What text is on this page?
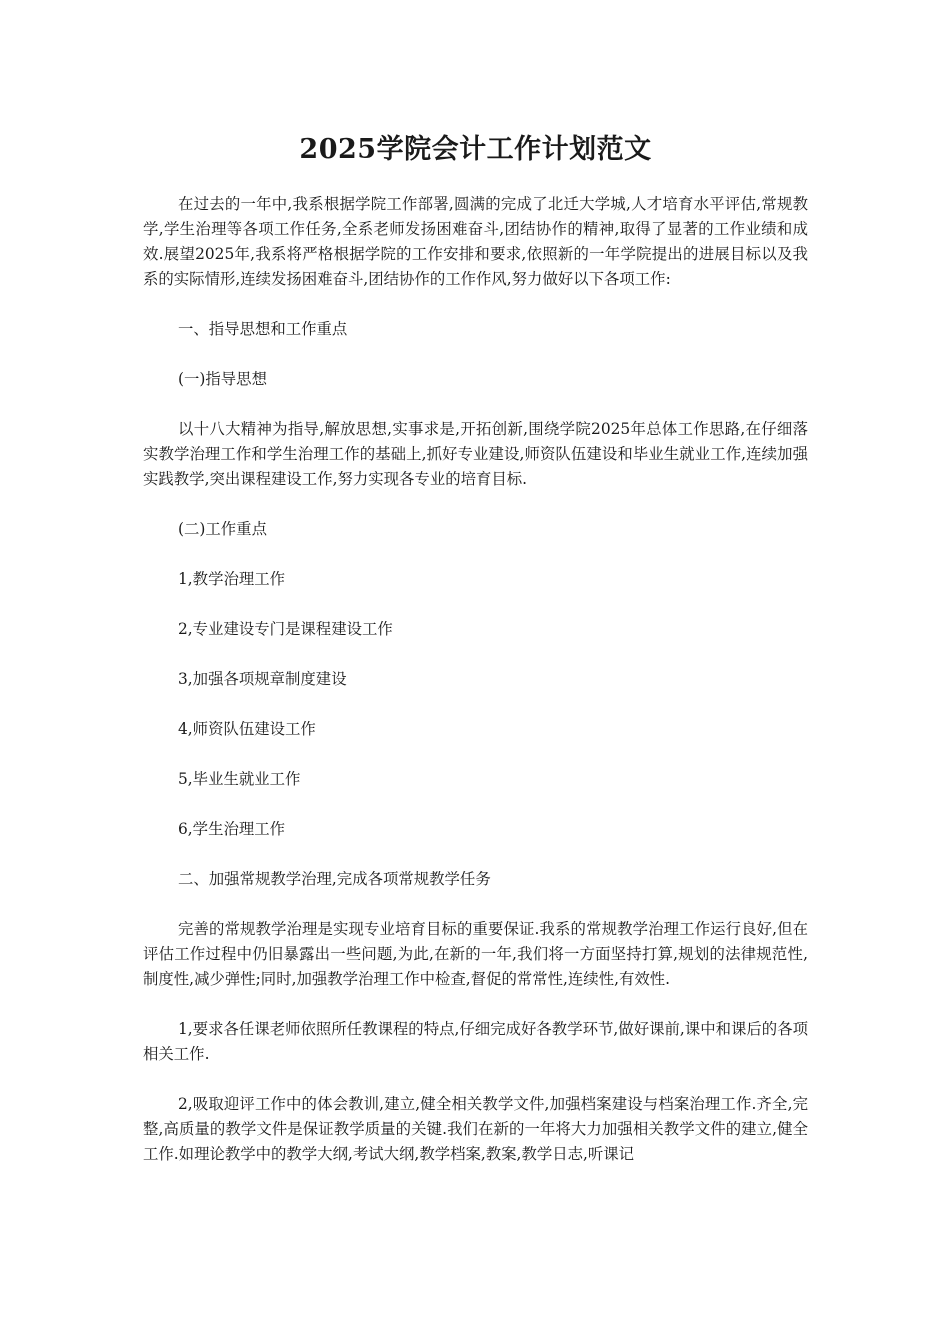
2025学院会计工作计划范文

在过去的一年中,我系根据学院工作部署,圆满的完成了北迁大学城,人才培育水平评估,常规教学,学生治理等各项工作任务,全系老师发扬困难奋斗,团结协作的精神,取得了显著的工作业绩和成效.展望2025年,我系将严格根据学院的工作安排和要求,依照新的一年学院提出的进展目标以及我系的实际情形,连续发扬困难奋斗,团结协作的工作作风,努力做好以下各项工作:

一、指导思想和工作重点

(一)指导思想

以十八大精神为指导,解放思想,实事求是,开拓创新,围绕学院2025年总体工作思路,在仔细落实教学治理工作和学生治理工作的基础上,抓好专业建设,师资队伍建设和毕业生就业工作,连续加强实践教学,突出课程建设工作,努力实现各专业的培育目标.

(二)工作重点

1,教学治理工作

2,专业建设专门是课程建设工作

3,加强各项规章制度建设

4,师资队伍建设工作

5,毕业生就业工作

6,学生治理工作

二、加强常规教学治理,完成各项常规教学任务

完善的常规教学治理是实现专业培育目标的重要保证.我系的常规教学治理工作运行良好,但在评估工作过程中仍旧暴露出一些问题,为此,在新的一年,我们将一方面坚持打算,规划的法律规范性,制度性,减少弹性;同时,加强教学治理工作中检查,督促的常常性,连续性,有效性.

1,要求各任课老师依照所任教课程的特点,仔细完成好各教学环节,做好课前,课中和课后的各项相关工作.

2,吸取迎评工作中的体会教训,建立,健全相关教学文件,加强档案建设与档案治理工作.齐全,完整,高质量的教学文件是保证教学质量的关键.我们在新的一年将大力加强相关教学文件的建立,健全工作.如理论教学中的教学大纲,考试大纲,教学档案,教案,教学日志,听课记
